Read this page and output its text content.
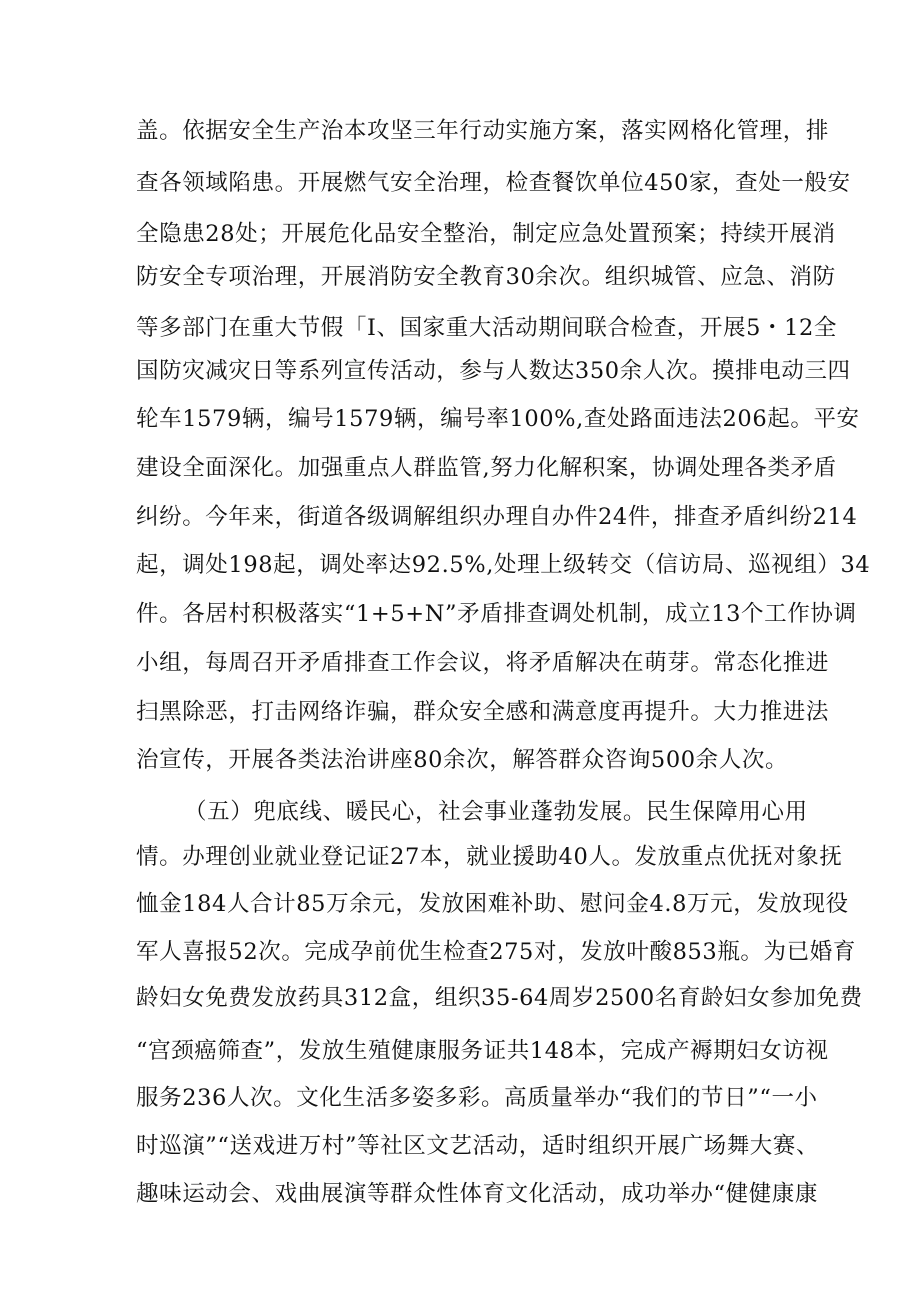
盖。依据安全生产治本攻坚三年行动实施方案，落实网格化管理，排
查各领域陷患。开展燃气安全治理，检查餐饮单位450家，查处一般安
全隐患28处；开展危化品安全整治，制定应急处置预案；持续开展消
防安全专项治理，开展消防安全教育30余次。组织城管、应急、消防
等多部门在重大节假「I、国家重大活动期间联合检查，开展5・12全
国防灾减灾日等系列宣传活动，参与人数达350余人次。摸排电动三四
轮车1579辆，编号1579辆，编号率100%,查处路面违法206起。平安
建设全面深化。加强重点人群监管,努力化解积案，协调处理各类矛盾
纠纷。今年来，街道各级调解组织办理自办件24件，排查矛盾纠纷214
起，调处198起，调处率达92.5%,处理上级转交（信访局、巡视组）34
件。各居村积极落实“1+5+N”矛盾排查调处机制，成立13个工作协调
小组，每周召开矛盾排查工作会议，将矛盾解决在萌芽。常态化推进
扫黑除恶，打击网络诈骗，群众安全感和满意度再提升。大力推进法
治宣传，开展各类法治讲座80余次，解答群众咨询500余人次。
（五）兜底线、暖民心，社会事业蓬勃发展。民生保障用心用
情。办理创业就业登记证27本，就业援助40人。发放重点优抚对象抚
恤金184人合计85万余元，发放困难补助、慰问金4.8万元，发放现役
军人喜报52次。完成孕前优生检查275对，发放叶酸853瓶。为已婚育
龄妇女免费发放药具312盒，组织35-64周岁2500名育龄妇女参加免费
“宫颈癌筛查”，发放生殖健康服务证共148本，完成产褥期妇女访视
服务236人次。文化生活多姿多彩。高质量举办“我们的节日”“一小
时巡演”“送戏进万村”等社区文艺活动，适时组织开展广场舞大赛、
趣味运动会、戏曲展演等群众性体育文化活动，成功举办“健健康康
